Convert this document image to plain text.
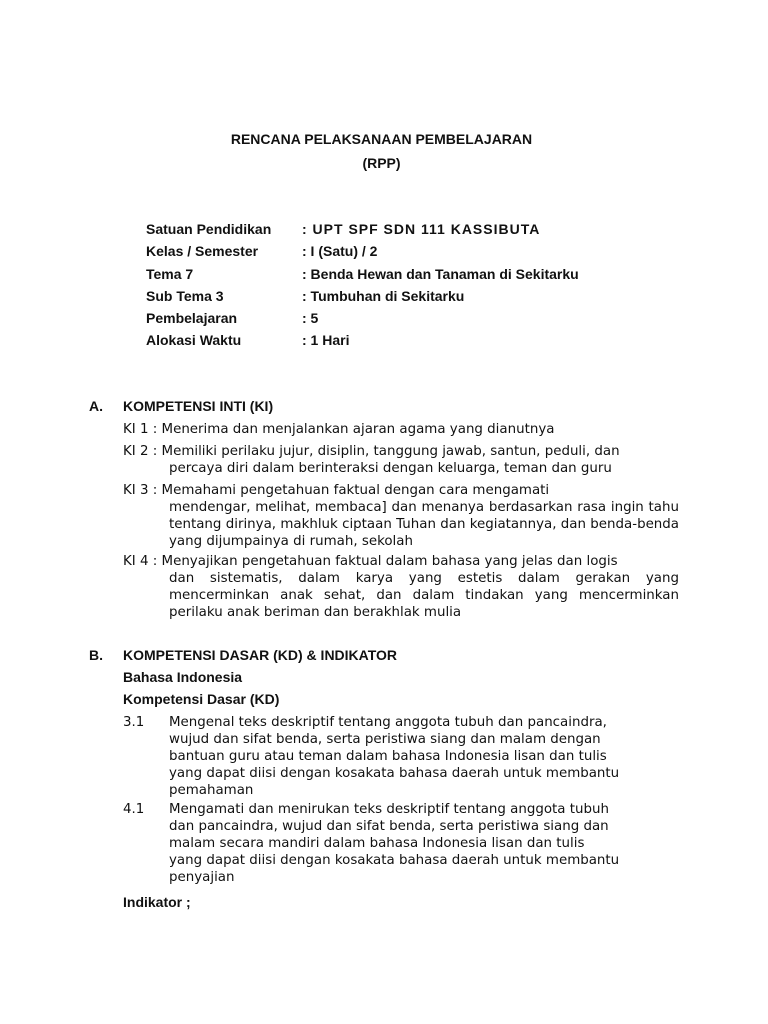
RENCANA PELAKSANAAN PEMBELAJARAN
(RPP)
Satuan Pendidikan	: UPT SPF SDN 111 KASSIBUTA
Kelas / Semester	: I (Satu) / 2
Tema 7	: Benda Hewan dan Tanaman di Sekitarku
Sub Tema 3	: Tumbuhan di Sekitarku
Pembelajaran	: 5
Alokasi Waktu	: 1 Hari
A. KOMPETENSI INTI (KI)
KI 1 : Menerima dan menjalankan ajaran agama yang dianutnya
KI 2 : Memiliki perilaku jujur, disiplin, tanggung jawab, santun, peduli, dan
percaya diri dalam berinteraksi dengan keluarga, teman dan guru
KI 3 : Memahami pengetahuan faktual dengan cara mengamati
mendengar, melihat, membaca] dan menanya berdasarkan rasa ingin tahu tentang dirinya, makhluk ciptaan Tuhan dan kegiatannya, dan benda-benda yang dijumpainya di rumah, sekolah
KI 4 : Menyajikan pengetahuan faktual dalam bahasa yang jelas dan logis
dan sistematis, dalam karya yang estetis dalam gerakan yang mencerminkan anak sehat, dan dalam tindakan yang mencerminkan perilaku anak beriman dan berakhlak mulia
B. KOMPETENSI DASAR (KD) & INDIKATOR
Bahasa Indonesia
Kompetensi Dasar (KD)
3.1	Mengenal teks deskriptif tentang anggota tubuh dan pancaindra,
wujud dan sifat benda, serta peristiwa siang dan malam dengan
bantuan guru atau teman dalam bahasa Indonesia lisan dan tulis
yang dapat diisi dengan kosakata bahasa daerah untuk membantu
pemahaman
4.1	Mengamati dan menirukan teks deskriptif tentang anggota tubuh
dan pancaindra, wujud dan sifat benda, serta peristiwa siang dan
malam secara mandiri dalam bahasa Indonesia lisan dan tulis
yang dapat diisi dengan kosakata bahasa daerah untuk membantu
penyajian
Indikator ;
